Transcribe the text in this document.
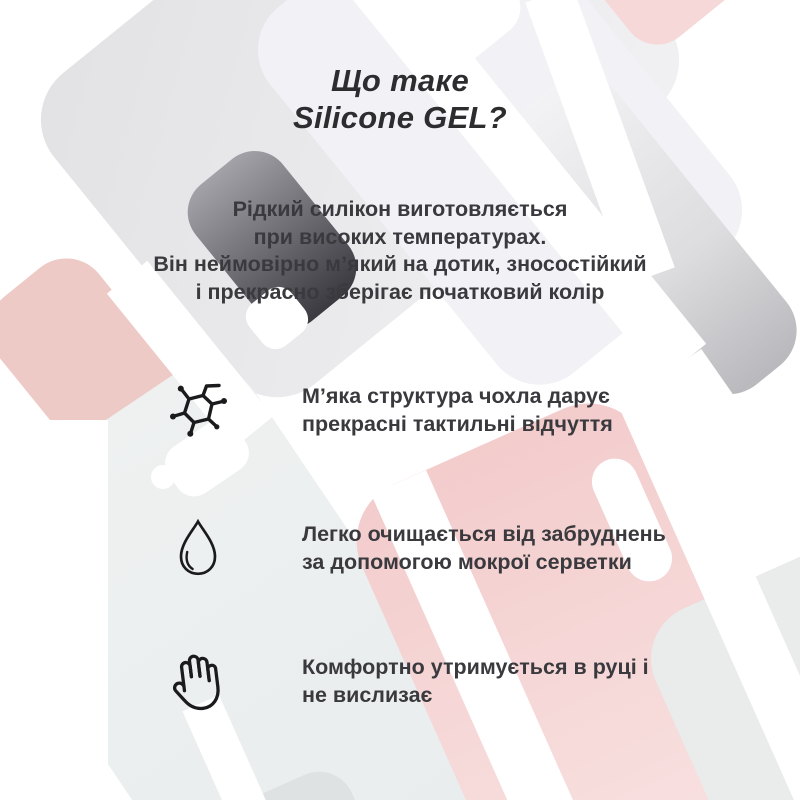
Що таке
Silicone GEL?
Рідкий силікон виготовляється
при високих температурах.
Він неймовірно м’який на дотик, зносостійкий
і прекрасно зберігає початковий колір
М’яка структура чохла дарує
прекрасні тактильні відчуття
Легко очищається від забруднень
за допомогою мокрої серветки
Комфортно утримується в руці і
не вислизає
